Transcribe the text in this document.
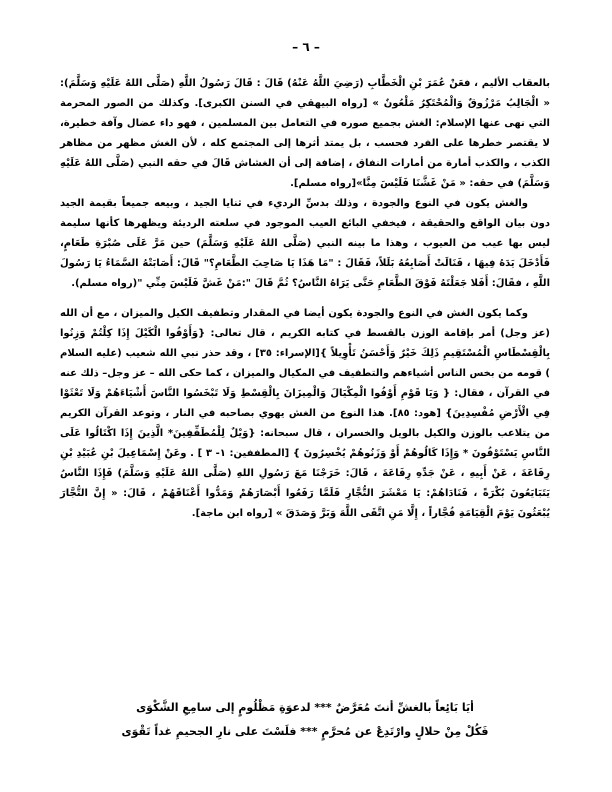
– ٦ –

بالعقاب الأليم ، فعَنْ عُمَرَ بْنِ الْخَطَّابِ (رَضِيَ اللَّهُ عَنْهُ) قَالَ : قَالَ رَسُولُ اللَّهِ (صَلَّى اللهُ عَلَيْهِ وَسَلَّمَ): « الْجَالِبُ مَرْزُوقٌ وَالْمُحْتَكِرُ مَلْعُونٌ » [رواه البيهقي في السنن الكبرى]. وكذلك من الصور المحرمة التي نهى عنها الإسلام: الغش بجميع صوره في التعامل بين المسلمين ، فهو داء عضال وآفة خطيرة، لا يقتصر خطرها على الفرد فحسب ، بل يمتد أثرها إلى المجتمع كله ، لأن الغش مظهر من مظاهر الكذب ، والكذب أمارة من أمارات النفاق ، إضافة إلى أن الغشاش قَالَ في حقه النبي (صَلَّى اللهُ عَلَيْهِ وَسَلَّمَ) في حقه: « مَنْ غَشَّنَا فَلَيْسَ مِنَّا»[رواه مسلم].

والغش يكون في النوع والجودة ، وذلك بدسِّ الرديء في ثنايا الجيد ، وبيعه جميعاً بقيمة الجيد دون بيان الواقع والحقيقة ، فيخفي البائع العيب الموجود في سلعته الرديئة ويظهرها كأنها سليمة ليس بها عيب من العيوب ، وهذا ما بينه النبي (صَلَّى اللهُ عَلَيْهِ وَسَلَّمَ) حين مَرَّ عَلَى صُبْرَةِ طَعَامٍ، فَأَدْخَلَ يَدَهُ فِيهَا ، فَنَالَتْ أَصَابِعُهُ بَلَلاً، فَقَالَ : "مَا هَذَا يَا صَاحِبَ الطَّعَامِ؟" قَالَ: أَصَابَتْهُ السَّمَاءُ يَا رَسُولَ اللَّهِ ، فقَالَ: أَفَلا جَعَلْتَهُ فَوْقَ الطَّعَامِ حَتَّى يَرَاهُ النَّاسُ؟ ثُمَّ قَالَ ":مَنْ غَشَّ فَلَيْسَ مِنِّي "(رواه مسلم).

وكما يكون الغش في النوع والجودة يكون أيضا في المقدار وتطفيف الكيل والميزان ، مع أن الله (عز وجل) أمر بإقامة الوزن بالقسط في كتابه الكريم ، قال تعالى: {وَأَوْفُوا الْكَيْلَ إِذَا كِلْتُمْ وَزِنُوا بِالْقِسْطَاسِ الْمُسْتَقِيمِ ذَلِكَ خَيْرٌ وَأَحْسَنُ تَأْوِيلاً }[الإسراء: ٣٥] ، وقد حذر نبي الله شعيب (عليه السلام ) قومه من بخس الناس أشياءهم والتطفيف في المكيال والميزان ، كما حكى الله – عز وجل– ذلك عنه في القرآن ، فقال: { وَيَا قَوْمِ أَوْفُوا الْمِكْيَالَ وَالْمِيزَانَ بِالْقِسْطِ وَلَا تَبْخَسُوا النَّاسَ أَشْيَاءَهُمْ وَلَا تَعْثَوْا فِي الْأَرْضِ مُفْسِدِينَ} [هود: ٨٥]. هذا النوع من الغش يهوي بصاحبه في النار ، وتوعد القرآن الكريم من يتلاعب بالوزن والكيل بالويل والخسران ، قال سبحانه: {وَيْلٌ لِلْمُطَفِّفِينَ* الَّذِينَ إِذَا اكْتَالُوا عَلَى النَّاسِ يَسْتَوْفُونَ * وَإِذَا كَالُوهُمْ أَوْ وَزَنُوهُمْ يُخْسِرُونَ } [المطففين: ١- ٣ ] . وعَنْ إِسْمَاعِيلَ بْنِ عُبَيْدِ بْنِ رِفَاعَةَ ، عَنْ أَبِيهِ ، عَنْ جَدِّهِ رِفَاعَةَ ، قَالَ: خَرَجْنَا مَعَ رَسُولِ اللهِ (صَلَّى اللهُ عَلَيْهِ وَسَلَّمَ) فَإِذَا النَّاسُ يَتَبَايَعُونَ بُكْرَةً ، فَنَادَاهُمْ: يَا مَعْشَرَ التُّجَّارِ فَلَمَّا رَفَعُوا أَبْصَارَهُمْ وَمَدُّوا أَعْنَاقَهُمْ ، قَالَ: « إِنَّ التُّجَّارَ يُبْعَثُونَ يَوْمَ الْقِيَامَةِ فُجَّاراً ، إِلَّا مَنِ اتَّقَى اللَّهَ وَبَرَّ وَصَدَقَ » [رواه ابن ماجة].

أيَا بَائِعاً بالغشِّ أنتَ مُعَرَّضٌ *** لدعوَةِ مَظْلُومٍ إلى سامِعِ الشَّكْوَى
فَكُلْ مِنْ حلالٍ وارْتَدِعْ عن مُحرَّمٍ *** فلَسْتَ على نارِ الجحيمِ غداً تَقْوَى
